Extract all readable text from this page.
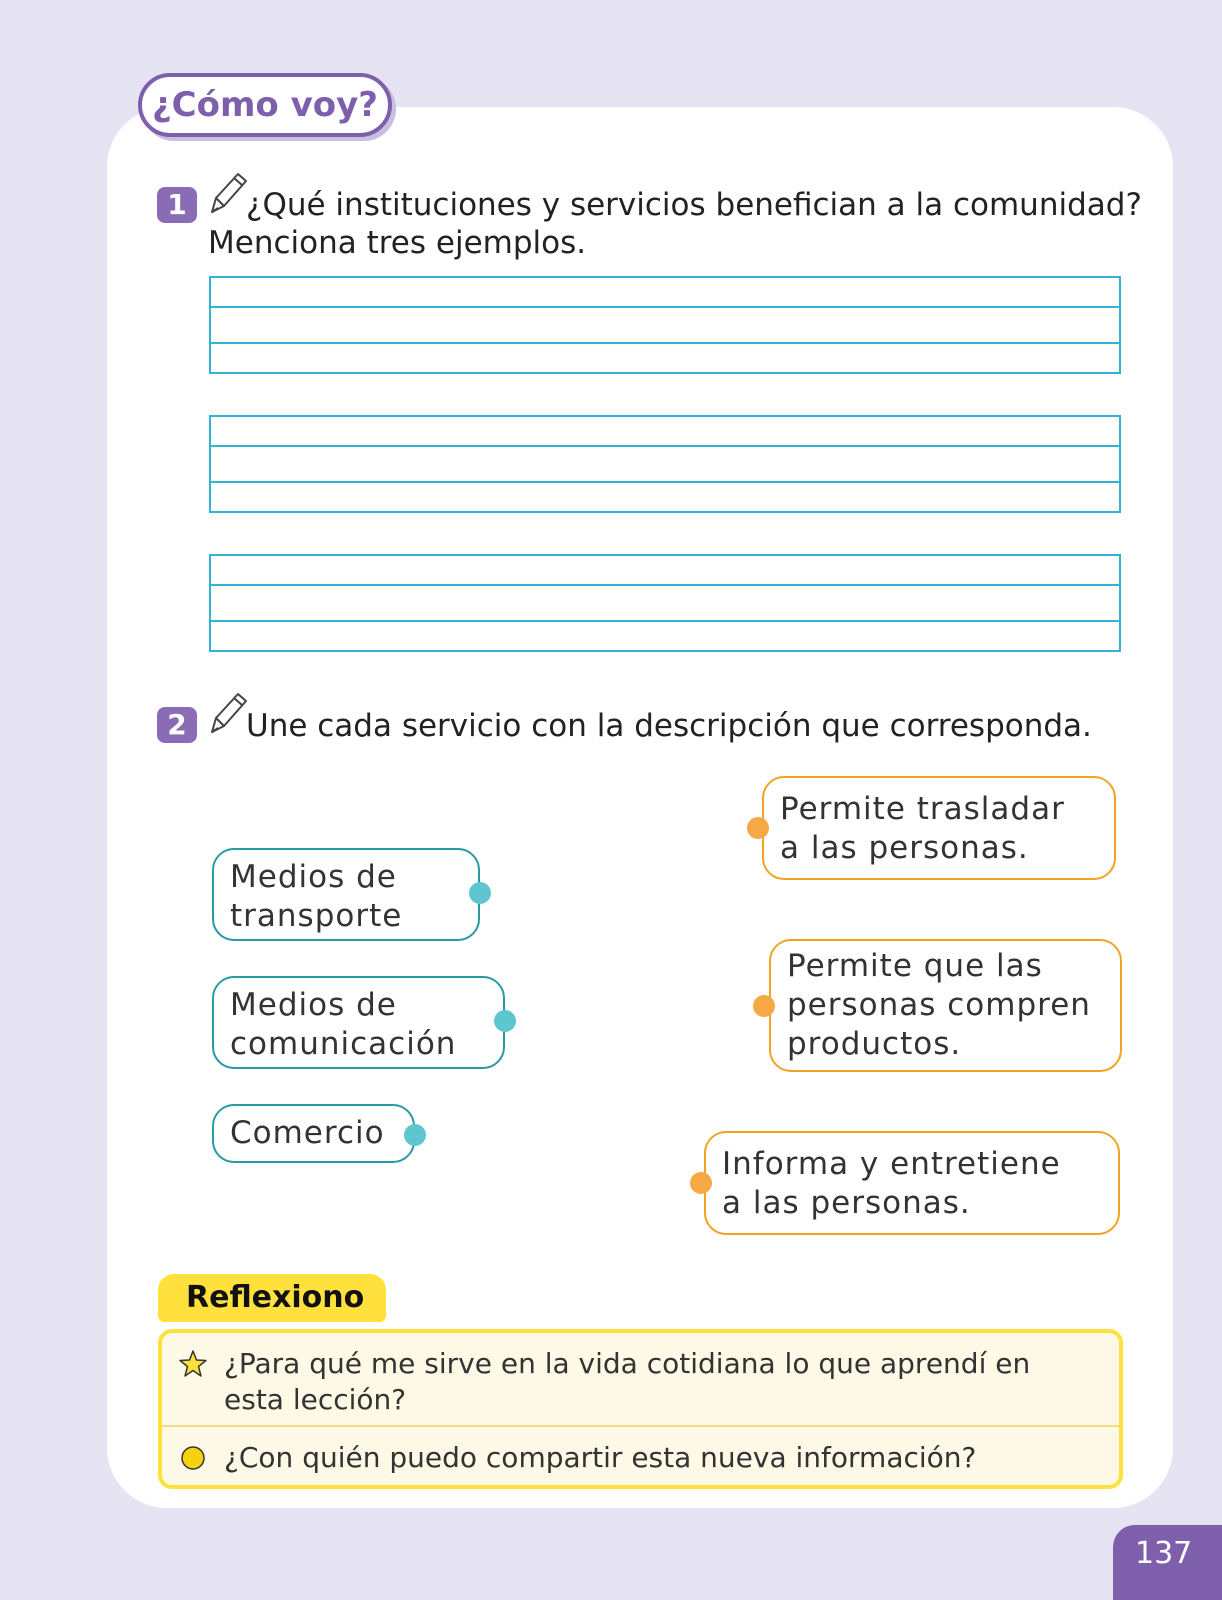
¿Cómo voy?
1	¿Qué instituciones y servicios benefician a la comunidad?
Menciona tres ejemplos.
2	Une cada servicio con la descripción que corresponda.
Medios de
transporte
Medios de
comunicación
Comercio
Permite trasladar
a las personas.
Permite que las
personas compren
productos.
Informa y entretiene
a las personas.
Reflexiono
¿Para qué me sirve en la vida cotidiana lo que aprendí en
esta lección?
¿Con quién puedo compartir esta nueva información?
137
